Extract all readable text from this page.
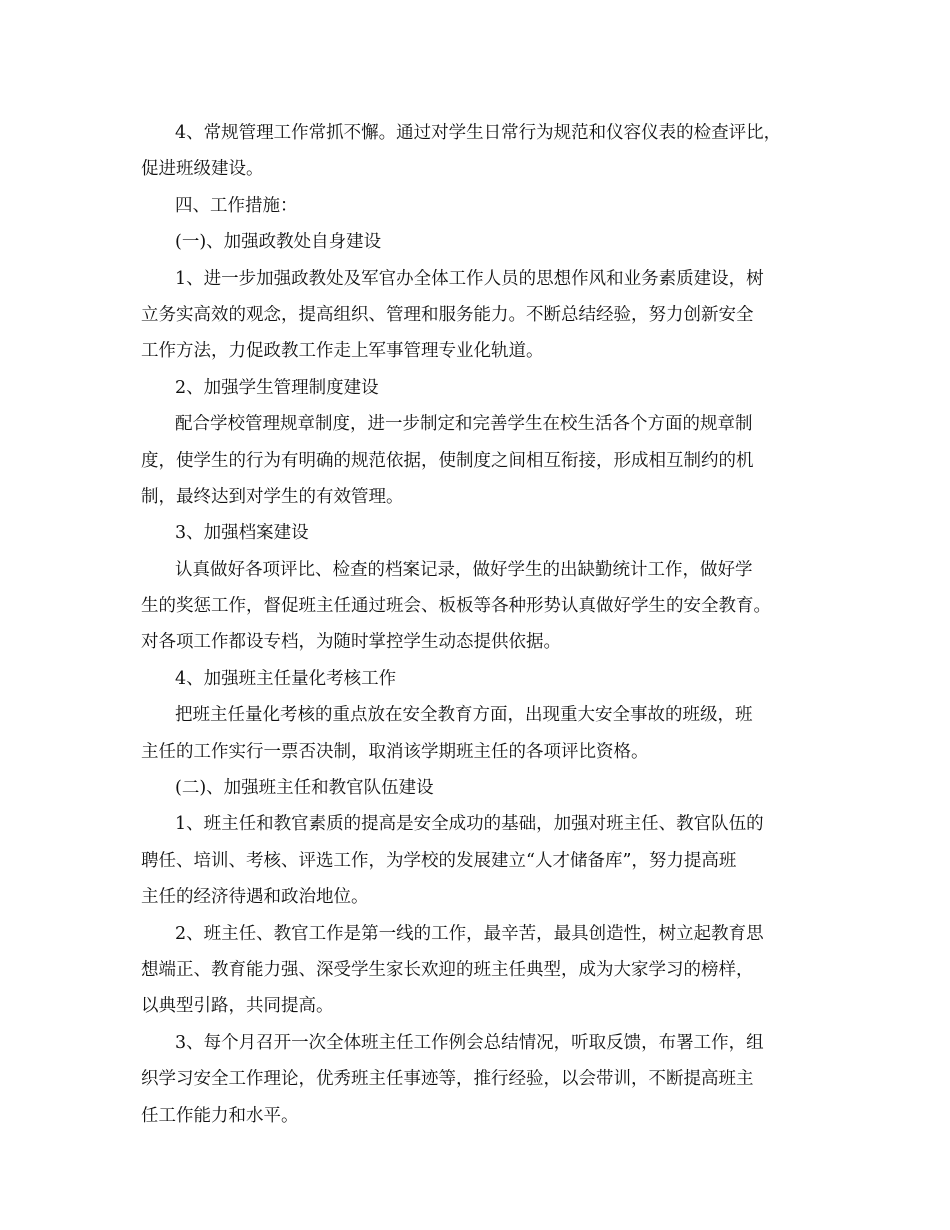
4、常规管理工作常抓不懈。通过对学生日常行为规范和仪容仪表的检查评比，
促进班级建设。
四、工作措施：
(一)、加强政教处自身建设
1、进一步加强政教处及军官办全体工作人员的思想作风和业务素质建设，树
立务实高效的观念，提高组织、管理和服务能力。不断总结经验，努力创新安全
工作方法，力促政教工作走上军事管理专业化轨道。
2、加强学生管理制度建设
配合学校管理规章制度，进一步制定和完善学生在校生活各个方面的规章制
度，使学生的行为有明确的规范依据，使制度之间相互衔接，形成相互制约的机
制，最终达到对学生的有效管理。
3、加强档案建设
认真做好各项评比、检查的档案记录，做好学生的出缺勤统计工作，做好学
生的奖惩工作，督促班主任通过班会、板板等各种形势认真做好学生的安全教育。
对各项工作都设专档，为随时掌控学生动态提供依据。
4、加强班主任量化考核工作
把班主任量化考核的重点放在安全教育方面，出现重大安全事故的班级，班
主任的工作实行一票否决制，取消该学期班主任的各项评比资格。
(二)、加强班主任和教官队伍建设
1、班主任和教官素质的提高是安全成功的基础，加强对班主任、教官队伍的
聘任、培训、考核、评选工作，为学校的发展建立“人才储备库”，努力提高班
主任的经济待遇和政治地位。
2、班主任、教官工作是第一线的工作，最辛苦，最具创造性，树立起教育思
想端正、教育能力强、深受学生家长欢迎的班主任典型，成为大家学习的榜样，
以典型引路，共同提高。
3、每个月召开一次全体班主任工作例会总结情况，听取反馈，布署工作，组
织学习安全工作理论，优秀班主任事迹等，推行经验，以会带训，不断提高班主
任工作能力和水平。
